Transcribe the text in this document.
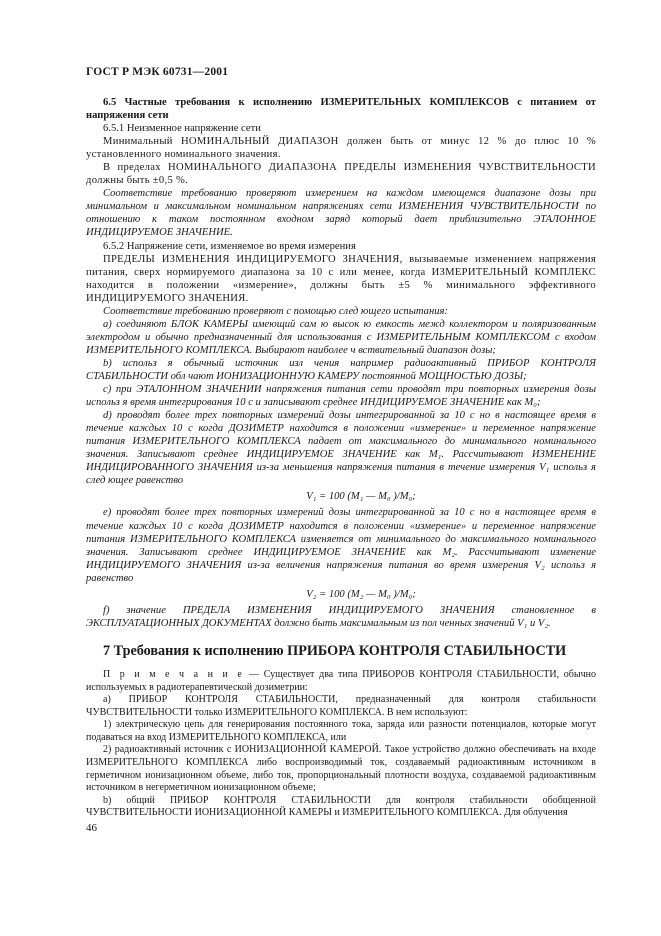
ГОСТ Р МЭК 60731—2001

6.5 Частные требования к исполнению ИЗМЕРИТЕЛЬНЫХ КОМПЛЕКСОВ с питанием от напряжения сети

6.5.1 Неизменное напряжение сети

Минимальный НОМИНАЛЬНЫЙ ДИАПАЗОН должен быть от минус 12 % до плюс 10 % установленного номинального значения.

В пределах НОМИНАЛЬНОГО ДИАПАЗОНА ПРЕДЕЛЫ ИЗМЕНЕНИЯ ЧУВСТВИТЕЛЬНОСТИ должны быть ±0,5 %.

Соответствие требованию проверяют измерением на каждом имеющемся диапазоне дозы при минимальном и максимальном номинальном напряжениях сети ИЗМЕНЕНИЯ ЧУВСТВИТЕЛЬНОСТИ по отношению к таком постоянном входном заряд который дает приблизительно ЭТАЛОННОЕ ИНДИЦИРУЕМОЕ ЗНАЧЕНИЕ.

6.5.2 Напряжение сети, изменяемое во время измерения

ПРЕДЕЛЫ ИЗМЕНЕНИЯ ИНДИЦИРУЕМОГО ЗНАЧЕНИЯ, вызываемые изменением напряжения питания, сверх нормируемого диапазона за 10 с или менее, когда ИЗМЕРИТЕЛЬНЫЙ КОМПЛЕКС находится в положении «измерение», должны быть ±5 % минимального эффективного ИНДИЦИРУЕМОГО ЗНАЧЕНИЯ.

Соответствие требованию проверяют с помощью след ющего испытания:

a) соединяют БЛОК КАМЕРЫ имеющий сам ю высок ю емкость межд коллектором и поляризованным электродом и обычно предназначенный для использования с ИЗМЕРИТЕЛЬНЫМ КОМПЛЕКСОМ с входом ИЗМЕРИТЕЛЬНОГО КОМПЛЕКСА. Выбирают наиболее ч вствительный диапазон дозы;

b) использ я обычный источник изл чения например радиоактивный ПРИБОР КОНТРОЛЯ СТАБИЛЬНОСТИ обл чают ИОНИЗАЦИОННУЮ КАМЕРУ постоянной МОЩНОСТЬЮ ДОЗЫ;

c) при ЭТАЛОННОМ ЗНАЧЕНИИ напряжения питания сети проводят три повторных измерения дозы использ я время интегрирования 10 с и записывают среднее ИНДИЦИРУЕМОЕ ЗНАЧЕНИЕ как M₀;

d) проводят более трех повторных измерений дозы интегрированной за 10 с но в настоящее время в течение каждых 10 с когда ДОЗИМЕТР находится в положении «измерение» и переменное напряжение питания ИЗМЕРИТЕЛЬНОГО КОМПЛЕКСА падает от максимального до минимального номинального значения. Записывают среднее ИНДИЦИРУЕМОЕ ЗНАЧЕНИЕ как M₁. Рассчитывают ИЗМЕНЕНИЕ ИНДИЦИРОВАННОГО ЗНАЧЕНИЯ из-за меньшения напряжения питания в течение измерения V₁ использ я след ющее равенство

V₁ = 100 (M₁ — M₀ )/M₀;

e) проводят более трех повторных измерений дозы интегрированной за 10 с но в настоящее время в течение каждых 10 с когда ДОЗИМЕТР находится в положении «измерение» и переменное напряжение питания ИЗМЕРИТЕЛЬНОГО КОМПЛЕКСА изменяется от минимального до максимального номинального значения. Записывают среднее ИНДИЦИРУЕМОЕ ЗНАЧЕНИЕ как M₂. Рассчитывают изменение ИНДИЦИРУЕМОГО ЗНАЧЕНИЯ из-за величения напряжения питания во время измерения V₂ использ я равенство

V₂ = 100 (M₂ — M₀ )/M₀;

f) значение ПРЕДЕЛА ИЗМЕНЕНИЯ ИНДИЦИРУЕМОГО ЗНАЧЕНИЯ становленное в ЭКСПЛУАТАЦИОННЫХ ДОКУМЕНТАХ должно быть максимальным из пол ченных значений V₁ и V₂.

7 Требования к исполнению ПРИБОРА КОНТРОЛЯ СТАБИЛЬНОСТИ

П р и м е ч а н и е — Существует два типа ПРИБОРОВ КОНТРОЛЯ СТАБИЛЬНОСТИ, обычно используемых в радиотерапевтической дозиметрии:

a) ПРИБОР КОНТРОЛЯ СТАБИЛЬНОСТИ, предназначенный для контроля стабильности ЧУВСТВИТЕЛЬНОСТИ только ИЗМЕРИТЕЛЬНОГО КОМПЛЕКСА. В нем используют:

1) электрическую цепь для генерирования постоянного тока, заряда или разности потенциалов, которые могут подаваться на вход ИЗМЕРИТЕЛЬНОГО КОМПЛЕКСА, или

2) радиоактивный источник с ИОНИЗАЦИОННОЙ КАМЕРОЙ. Такое устройство должно обеспечивать на входе ИЗМЕРИТЕЛЬНОГО КОМПЛЕКСА либо воспроизводимый ток, создаваемый радиоактивным источником в герметичном ионизационном объеме, либо ток, пропорциональный плотности воздуха, создаваемой радиоактивным источником в негерметичном ионизационном объеме;

b) общий ПРИБОР КОНТРОЛЯ СТАБИЛЬНОСТИ для контроля стабильности обобщенной ЧУВСТВИТЕЛЬНОСТИ ИОНИЗАЦИОННОЙ КАМЕРЫ и ИЗМЕРИТЕЛЬНОГО КОМПЛЕКСА. Для облучения

46
